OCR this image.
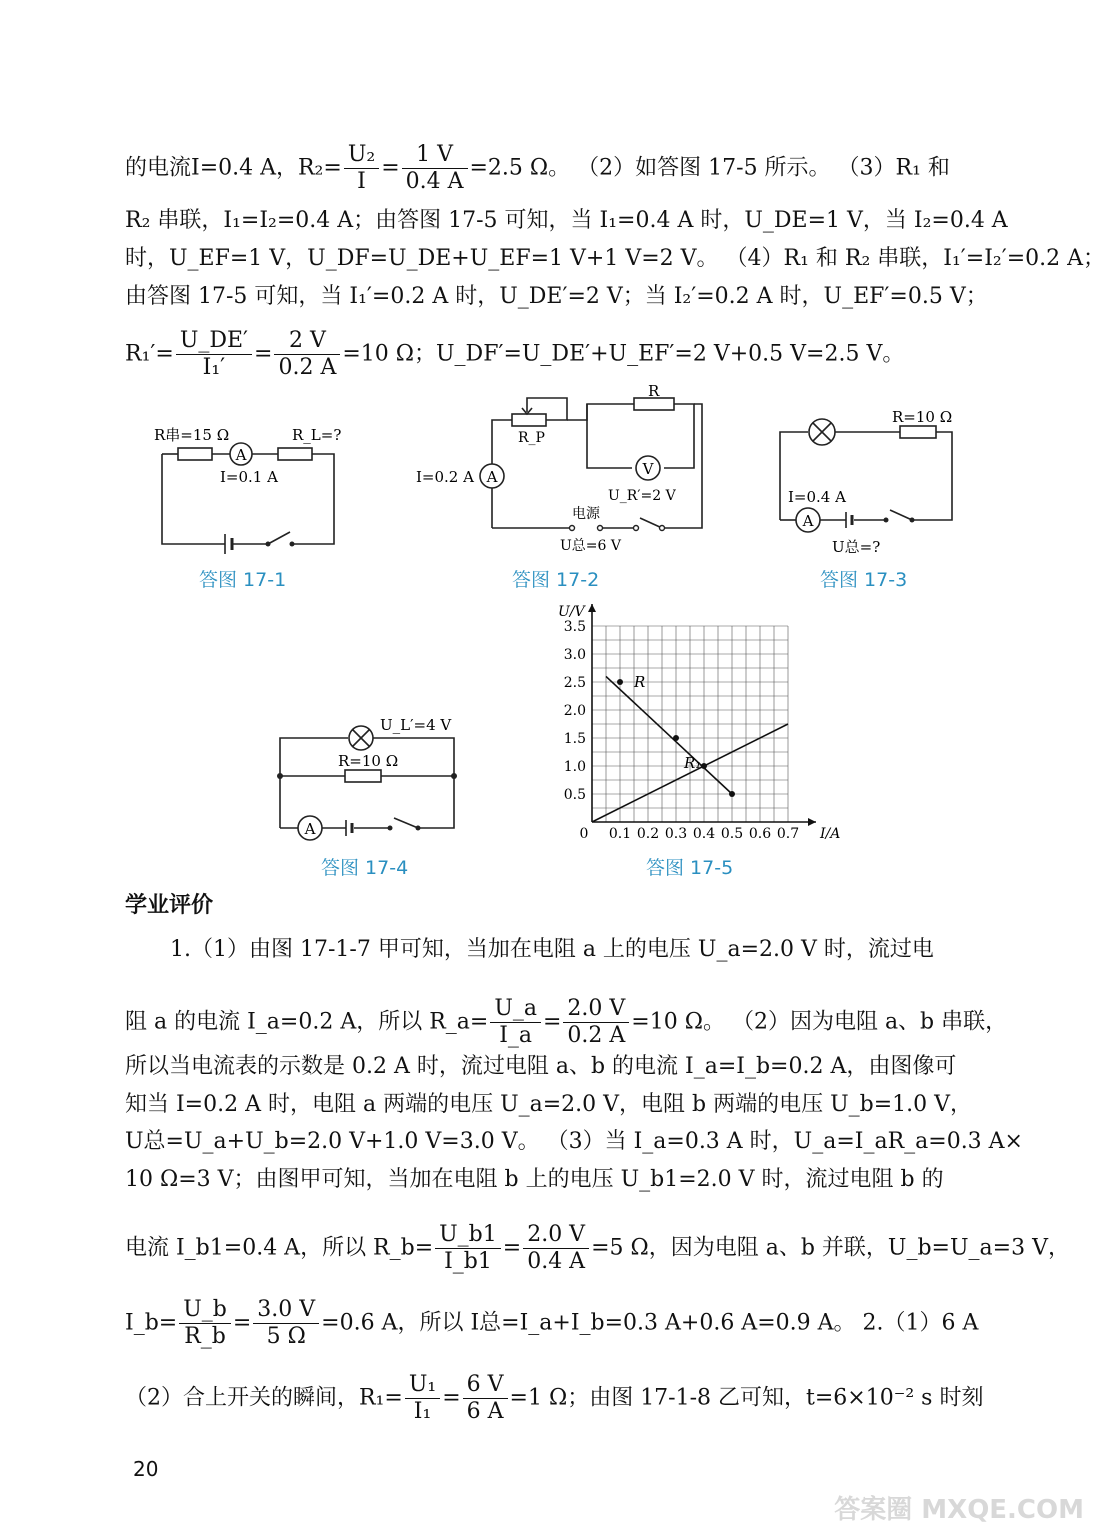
的电流I=0.4 A，$R_2= \frac{\text{U₂}}{I} = \frac{1 V}{0.4 A} =2.5$ Ω。 （2）如答图 17-5 所示。 （3）R₁ 和
R₂ 串联，I₁=I₂=0.4 A；由答图 17-5 可知，当 I₁=0.4 A 时，U_DE=1 V，当 I₂=0.4 A
时，U_EF=1 V，U_DF=U_DE+U_EF=1 V+1 V=2 V。 （4）R₁ 和 R₂ 串联，I₁′=I₂′=0.2 A；
由答图 17-5 可知，当 I₁′=0.2 A 时，U_DE′=2 V；当 I₂′=0.2 A 时，U_EF′=0.5 V；
$R_1'= \frac{U\_DE'}{\text{I₁′}} = \frac{2 V}{0.2 A} =10$ Ω；U_DF′=U_DE′+U_EF′=2 V+0.5 V=2.5 V。
A
R串=15 Ω	R_L=?
I=0.1 A
答图 17-1
A	V
R_P
R
I=0.2 A
U_R′=2 V
电源
U总=6 V
答图 17-2
A
R=10 Ω
I=0.4 A
U总=?
答图 17-3
A
U_L′=4 V
R=10 Ω
答图 17-4
0 0.1 0.2 0.3 0.4 0.5 0.6 0.7
0.5
1.0
1.5
2.0
2.5
3.0
3.5
I/A
U/V
R
R₁
答图 17-5
学业评价
1.（1）由图 17-1-7 甲可知，当加在电阻 a 上的电压 U_a=2.0 V 时，流过电
阻 a 的电流 I_a=0.2 A，所以 R_a= $\frac{U\_a}{I\_a} = \frac{2.0 V}{0.2 A} =10$ Ω。 （2）因为电阻 a、b 串联，
所以当电流表的示数是 0.2 A 时，流过电阻 a、b 的电流 I_a=I_b=0.2 A，由图像可
知当 I=0.2 A 时，电阻 a 两端的电压 U_a=2.0 V，电阻 b 两端的电压 U_b=1.0 V，
U总=U_a+U_b=2.0 V+1.0 V=3.0 V。 （3）当 I_a=0.3 A 时，U_a=I_aR_a=0.3 A×
10 Ω=3 V；由图甲可知，当加在电阻 b 上的电压 U_b1=2.0 V 时，流过电阻 b 的
电流 I_b1=0.4 A，所以 R_b= $\frac{U\_b1}{I\_b1} = \frac{2.0 V}{0.4 A} =5$ Ω，因为电阻 a、b 并联，U_b=U_a=3 V，
I_b= $\frac{U\_b}{R\_b} = \frac{3.0 V}{5 \Omega} =0.6$ A，所以 I总=I_a+I_b=0.3 A+0.6 A=0.9 A。 2.（1）6 A
（2）合上开关的瞬间，$R_1= \frac{\text{U₁}}{\text{I₁}} = \frac{6 V}{6 A} =1$ Ω；由图 17-1-8 乙可知，t=6×10⁻² s 时刻
20
答案圈 MXQE.COM
